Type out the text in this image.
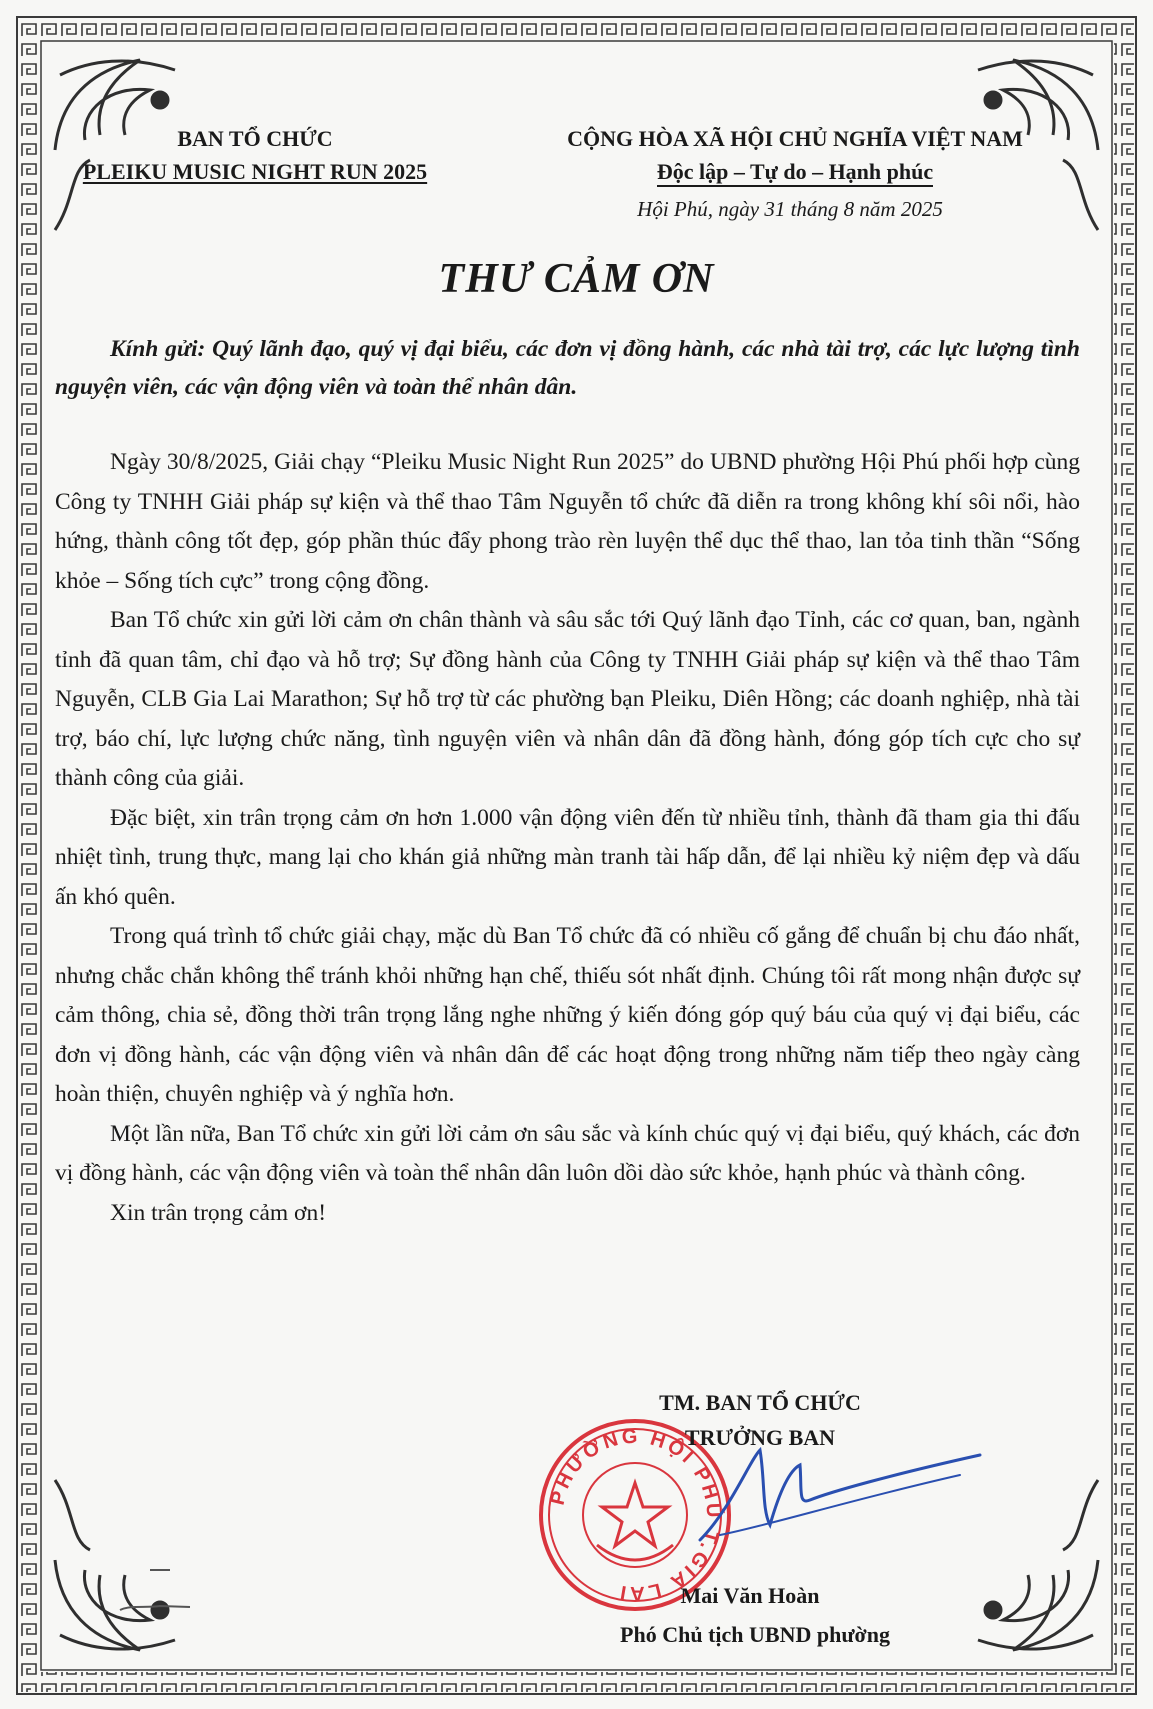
BAN TỔ CHỨC
PLEIKU MUSIC NIGHT RUN 2025
CỘNG HÒA XÃ HỘI CHỦ NGHĨA VIỆT NAM
Độc lập – Tự do – Hạnh phúc
Hội Phú, ngày 31 tháng 8 năm 2025
THƯ CẢM ƠN
Kính gửi: Quý lãnh đạo, quý vị đại biểu, các đơn vị đồng hành, các nhà tài trợ, các lực lượng tình nguyện viên, các vận động viên và toàn thể nhân dân.

Ngày 30/8/2025, Giải chạy “Pleiku Music Night Run 2025” do UBND phường Hội Phú phối hợp cùng Công ty TNHH Giải pháp sự kiện và thể thao Tâm Nguyễn tổ chức đã diễn ra trong không khí sôi nổi, hào hứng, thành công tốt đẹp, góp phần thúc đẩy phong trào rèn luyện thể dục thể thao, lan tỏa tinh thần “Sống khỏe – Sống tích cực” trong cộng đồng.

Ban Tổ chức xin gửi lời cảm ơn chân thành và sâu sắc tới Quý lãnh đạo Tỉnh, các cơ quan, ban, ngành tỉnh đã quan tâm, chỉ đạo và hỗ trợ; Sự đồng hành của Công ty TNHH Giải pháp sự kiện và thể thao Tâm Nguyễn, CLB Gia Lai Marathon; Sự hỗ trợ từ các phường bạn Pleiku, Diên Hồng; các doanh nghiệp, nhà tài trợ, báo chí, lực lượng chức năng, tình nguyện viên và nhân dân đã đồng hành, đóng góp tích cực cho sự thành công của giải.

Đặc biệt, xin trân trọng cảm ơn hơn 1.000 vận động viên đến từ nhiều tỉnh, thành đã tham gia thi đấu nhiệt tình, trung thực, mang lại cho khán giả những màn tranh tài hấp dẫn, để lại nhiều kỷ niệm đẹp và dấu ấn khó quên.

Trong quá trình tổ chức giải chạy, mặc dù Ban Tổ chức đã có nhiều cố gắng để chuẩn bị chu đáo nhất, nhưng chắc chắn không thể tránh khỏi những hạn chế, thiếu sót nhất định. Chúng tôi rất mong nhận được sự cảm thông, chia sẻ, đồng thời trân trọng lắng nghe những ý kiến đóng góp quý báu của quý vị đại biểu, các đơn vị đồng hành, các vận động viên và nhân dân để các hoạt động trong những năm tiếp theo ngày càng hoàn thiện, chuyên nghiệp và ý nghĩa hơn.

Một lần nữa, Ban Tổ chức xin gửi lời cảm ơn sâu sắc và kính chúc quý vị đại biểu, quý khách, các đơn vị đồng hành, các vận động viên và toàn thể nhân dân luôn dồi dào sức khỏe, hạnh phúc và thành công.

Xin trân trọng cảm ơn!

PHƯỜNG HỘI PHÚ T.GIA LAI
TM. BAN TỔ CHỨC
TRƯỞNG BAN
Mai Văn Hoàn
Phó Chủ tịch UBND phường
